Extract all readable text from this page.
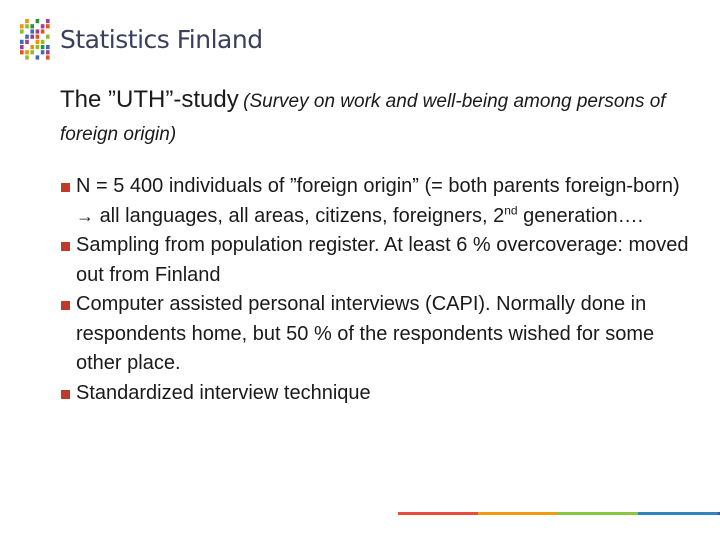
Statistics Finland
The ”UTH”-study (Survey on work and well-being among persons of foreign origin)
N = 5 400 individuals of ”foreign origin” (= both parents foreign-born) → all languages, all areas, citizens, foreigners, 2nd generation….
Sampling from population register. At least 6 % overcoverage: moved out from Finland
Computer assisted personal interviews (CAPI). Normally done in respondents home, but 50 % of the respondents wished for some other place.
Standardized interview technique
